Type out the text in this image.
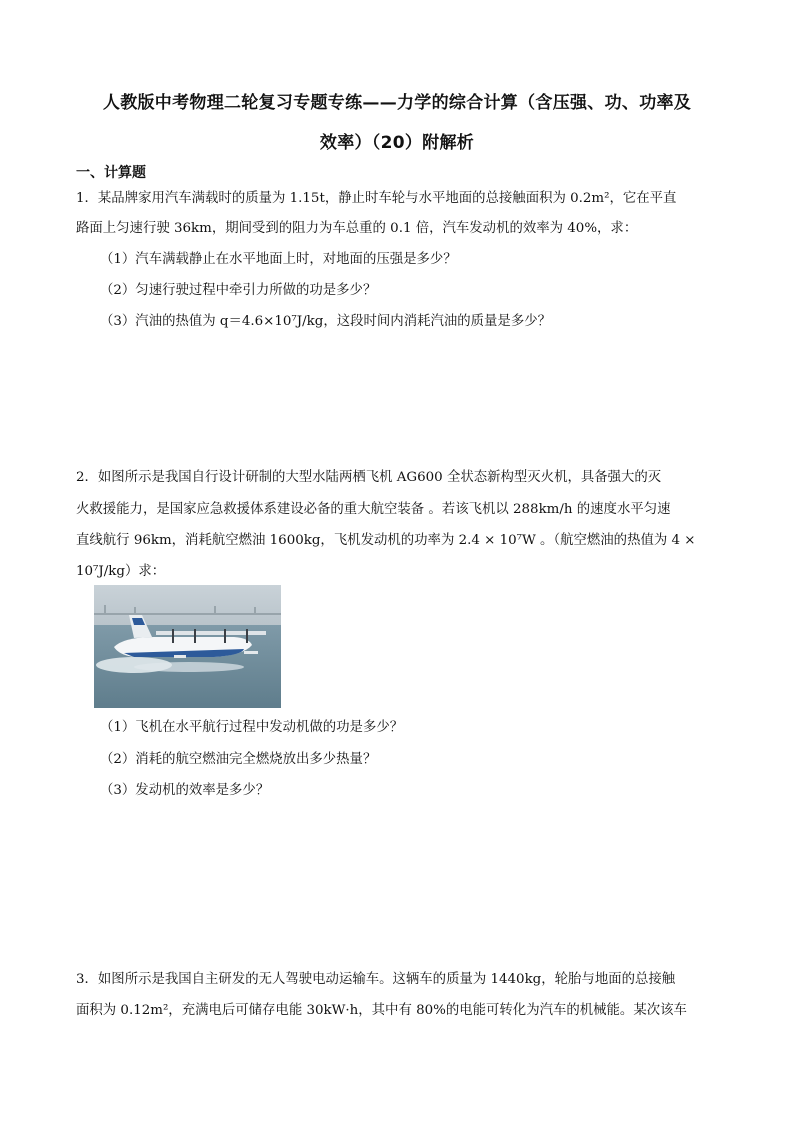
人教版中考物理二轮复习专题专练——力学的综合计算（含压强、功、功率及
效率）（20）附解析
一、计算题
1．某品牌家用汽车满载时的质量为 1.15t，静止时车轮与水平地面的总接触面积为 0.2m²，它在平直
路面上匀速行驶 36km，期间受到的阻力为车总重的 0.1 倍，汽车发动机的效率为 40%，求：
（1）汽车满载静止在水平地面上时，对地面的压强是多少？
（2）匀速行驶过程中牵引力所做的功是多少？
（3）汽油的热值为 q＝4.6×10⁷J/kg，这段时间内消耗汽油的质量是多少？
2．如图所示是我国自行设计研制的大型水陆两栖飞机 AG600 全状态新构型灭火机，具备强大的灭
火救援能力，是国家应急救援体系建设必备的重大航空装备 。若该飞机以 288km/h 的速度水平匀速
直线航行 96km，消耗航空燃油 1600kg，飞机发动机的功率为 2.4 × 10⁷W 。（航空燃油的热值为 4 ×
10⁷J/kg）求：
（1）飞机在水平航行过程中发动机做的功是多少？
（2）消耗的航空燃油完全燃烧放出多少热量？
（3）发动机的效率是多少？
3．如图所示是我国自主研发的无人驾驶电动运输车。这辆车的质量为 1440kg，轮胎与地面的总接触
面积为 0.12m²，充满电后可储存电能 30kW·h，其中有 80%的电能可转化为汽车的机械能。某次该车
